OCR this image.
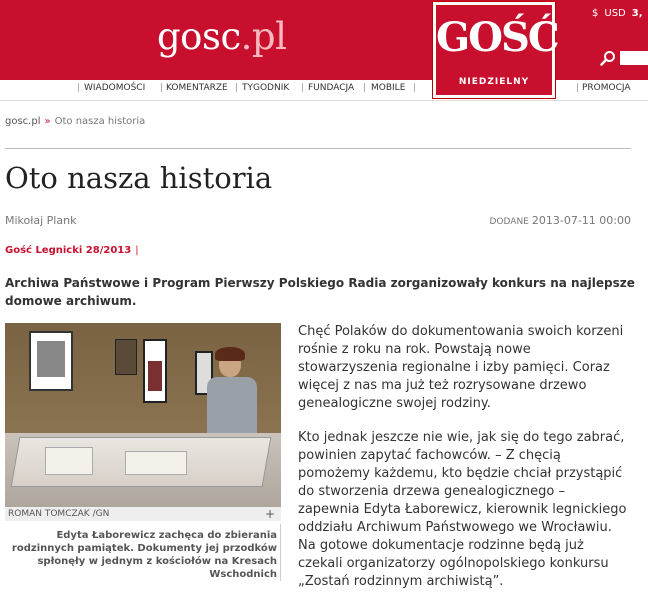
gosc.pl
$ USD 3,
GOŚĆ
NIEDZIELNY
| WIADOMOŚCI | KOMENTARZE | TYGODNIK | FUNDACJA | MOBILE |	| PROMOCJA
gosc.pl » Oto nasza historia
Oto nasza historia
Mikołaj Plank	DODANE 2013-07-11 00:00
Gość Legnicki 28/2013 |

Archiwa Państwowe i Program Pierwszy Polskiego Radia zorganizowały konkurs na najlepsze domowe archiwum.

ROMAN TOMCZAK /GN	+

Edyta Łaborewicz zachęca do zbierania rodzinnych pamiątek. Dokumenty jej przodków spłonęły w jednym z kościołów na Kresach Wschodnich

Chęć Polaków do dokumentowania swoich korzeni rośnie z roku na rok. Powstają nowe stowarzyszenia regionalne i izby pamięci. Coraz więcej z nas ma już też rozrysowane drzewo genealogiczne swojej rodziny.

Kto jednak jeszcze nie wie, jak się do tego zabrać, powinien zapytać fachowców. – Z chęcią pomożemy każdemu, kto będzie chciał przystąpić do stworzenia drzewa genealogicznego – zapewnia Edyta Łaborewicz, kierownik legnickiego oddziału Archiwum Państwowego we Wrocławiu. Na gotowe dokumentacje rodzinne będą już czekali organizatorzy ogólnopolskiego konkursu „Zostań rodzinnym archiwistą”.
